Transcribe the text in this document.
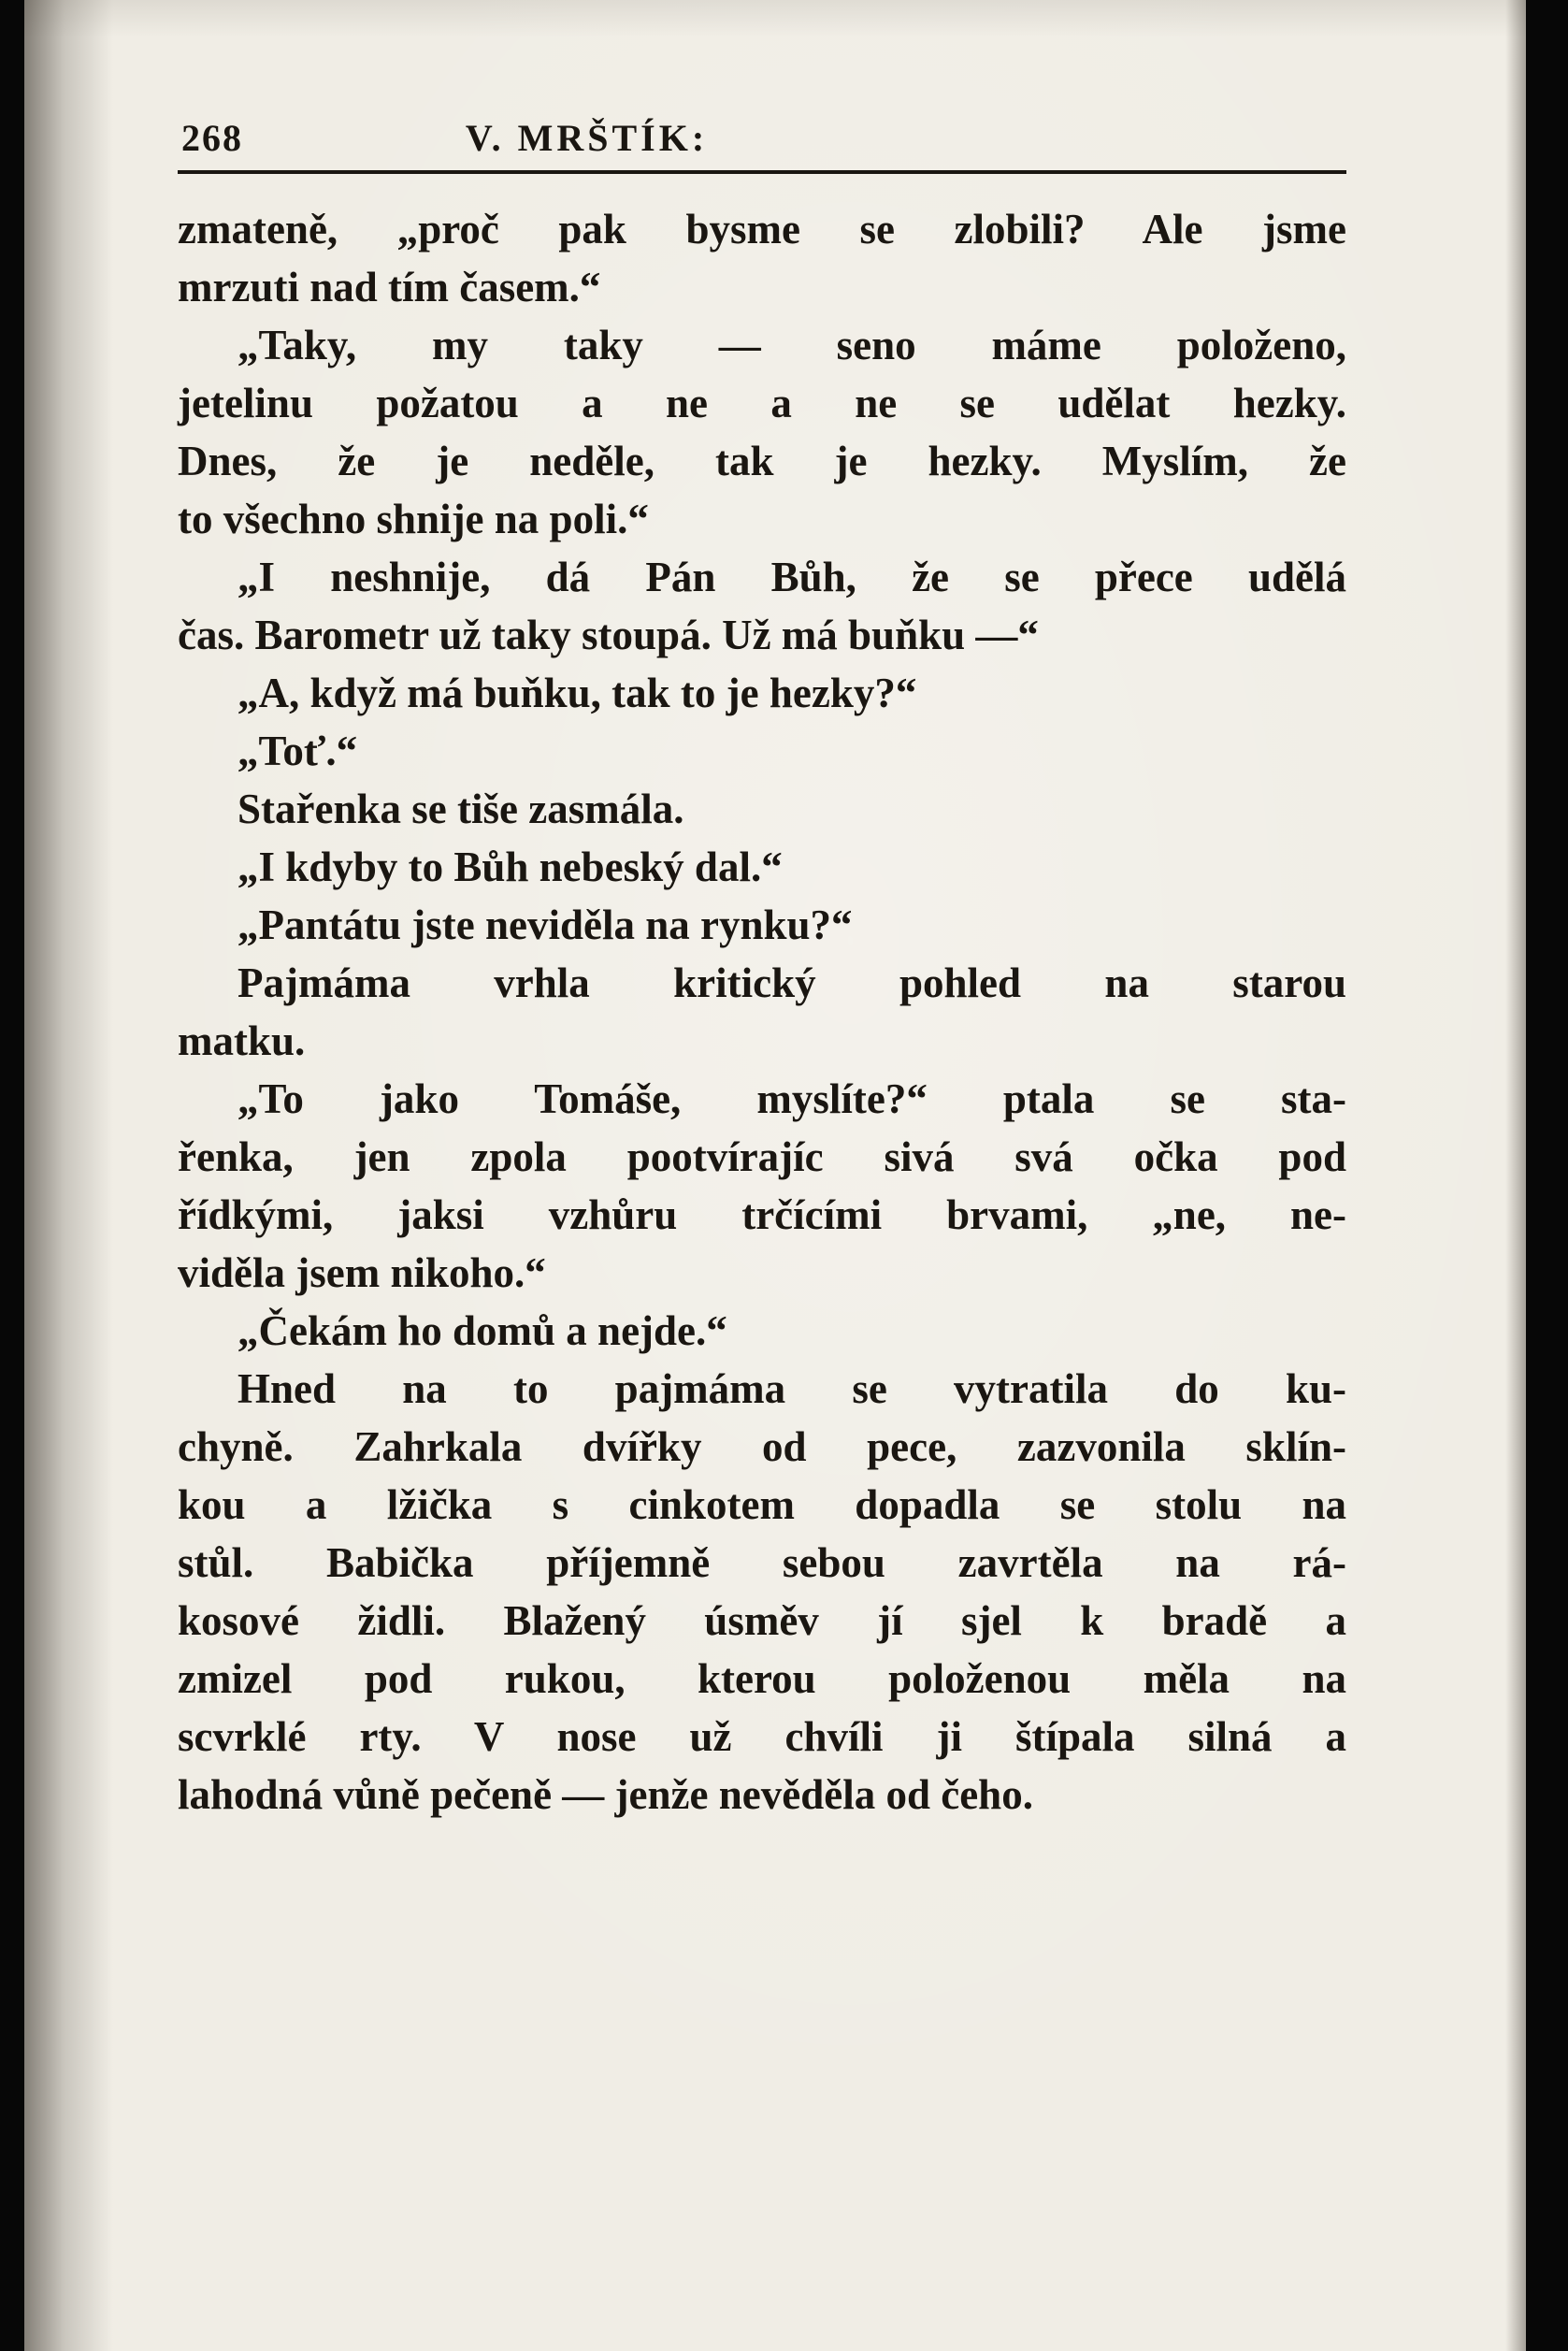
268	V. MRŠTÍK:
zmateně, „proč pak bysme se zlobili? Ale jsme
mrzuti nad tím časem.“
„Taky, my taky — seno máme položeno,
jetelinu požatou a ne a ne se udělat hezky.
Dnes, že je neděle, tak je hezky. Myslím, že
to všechno shnije na poli.“
„I neshnije, dá Pán Bůh, že se přece udělá
čas. Barometr už taky stoupá. Už má buňku —“
„A, když má buňku, tak to je hezky?“
„Toť.“
Stařenka se tiše zasmála.
„I kdyby to Bůh nebeský dal.“
„Pantátu jste neviděla na rynku?“
Pajmáma vrhla kritický pohled na starou
matku.
„To jako Tomáše, myslíte?“ ptala se sta-
řenka, jen zpola pootvírajíc sivá svá očka pod
řídkými, jaksi vzhůru trčícími brvami, „ne, ne-
viděla jsem nikoho.“
„Čekám ho domů a nejde.“
Hned na to pajmáma se vytratila do ku-
chyně. Zahrkala dvířky od pece, zazvonila sklín-
kou a lžička s cinkotem dopadla se stolu na
stůl. Babička příjemně sebou zavrtěla na rá-
kosové židli. Blažený úsměv jí sjel k bradě a
zmizel pod rukou, kterou položenou měla na
scvrklé rty. V nose už chvíli ji štípala silná a
lahodná vůně pečeně — jenže nevěděla od čeho.
